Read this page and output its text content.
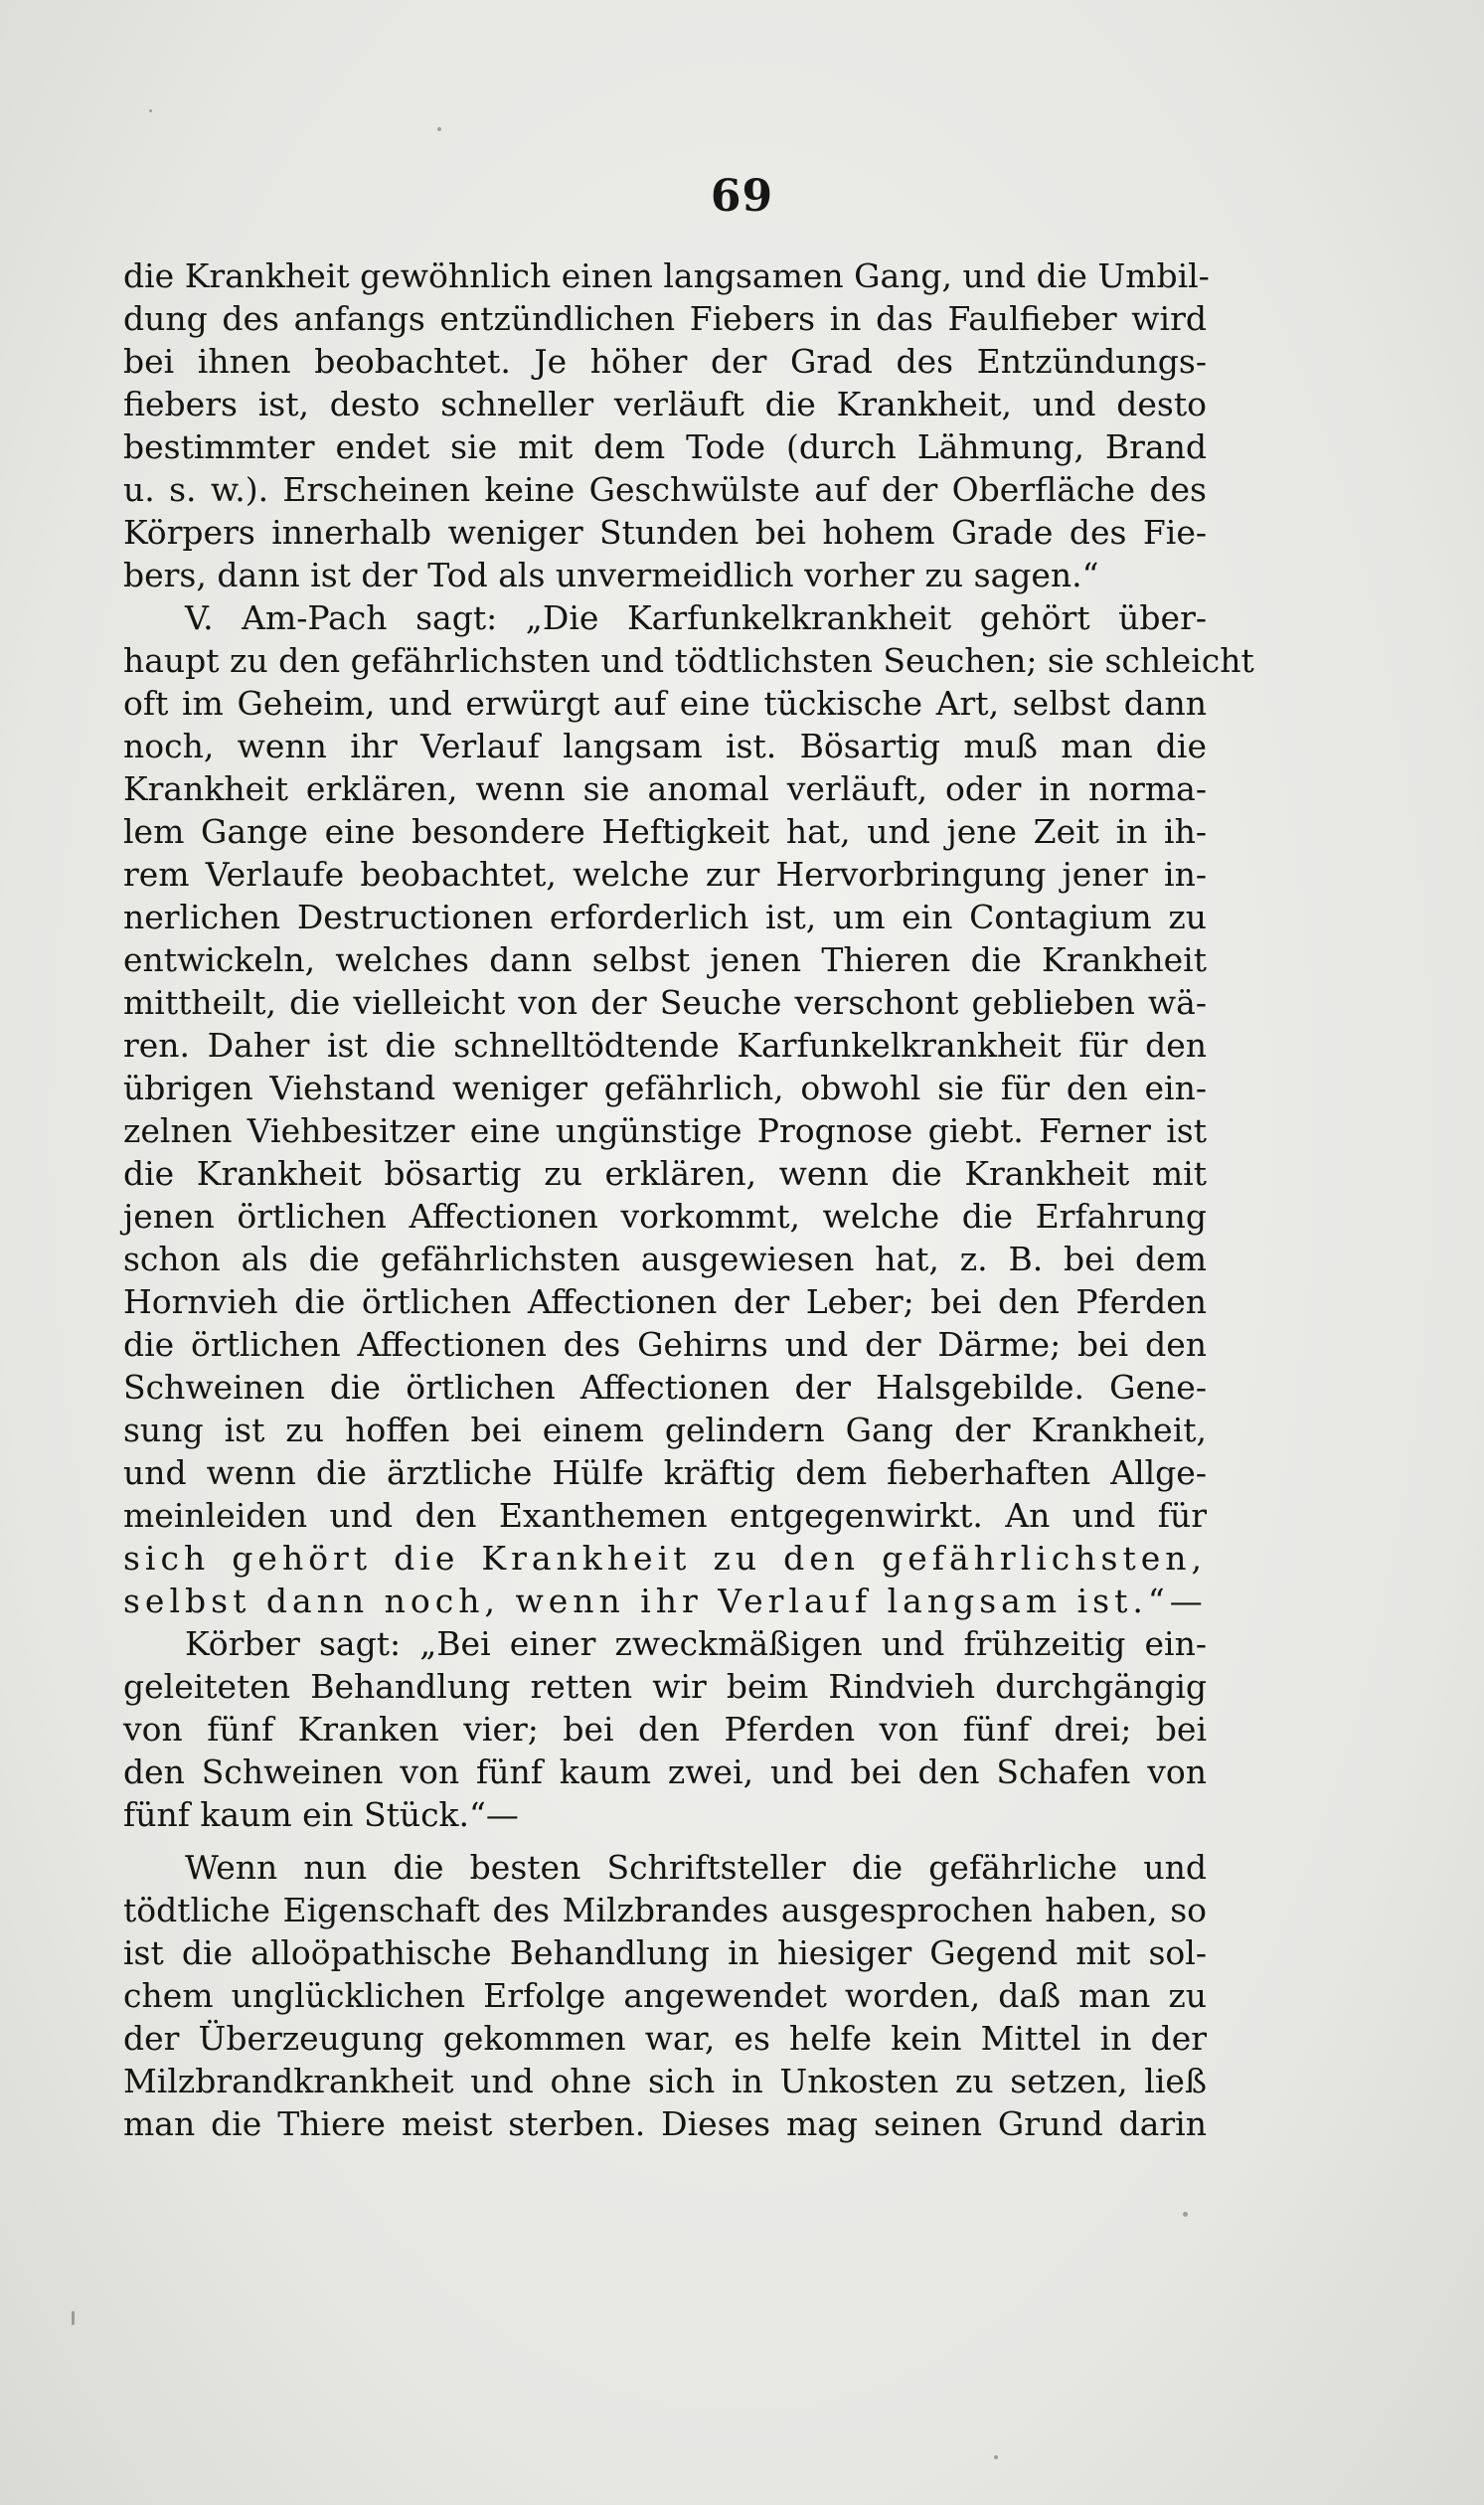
69
die Krankheit gewöhnlich einen langsamen Gang, und die Umbil-
dung des anfangs entzündlichen Fiebers in das Faulfieber wird
bei ihnen beobachtet. Je höher der Grad des Entzündungs-
fiebers ist, desto schneller verläuft die Krankheit, und desto
bestimmter endet sie mit dem Tode (durch Lähmung, Brand
u. s. w.). Erscheinen keine Geschwülste auf der Oberfläche des
Körpers innerhalb weniger Stunden bei hohem Grade des Fie-
bers, dann ist der Tod als unvermeidlich vorher zu sagen.“
V. Am-Pach sagt: „Die Karfunkelkrankheit gehört über-
haupt zu den gefährlichsten und tödtlichsten Seuchen; sie schleicht
oft im Geheim, und erwürgt auf eine tückische Art, selbst dann
noch, wenn ihr Verlauf langsam ist. Bösartig muß man die
Krankheit erklären, wenn sie anomal verläuft, oder in norma-
lem Gange eine besondere Heftigkeit hat, und jene Zeit in ih-
rem Verlaufe beobachtet, welche zur Hervorbringung jener in-
nerlichen Destructionen erforderlich ist, um ein Contagium zu
entwickeln, welches dann selbst jenen Thieren die Krankheit
mittheilt, die vielleicht von der Seuche verschont geblieben wä-
ren. Daher ist die schnelltödtende Karfunkelkrankheit für den
übrigen Viehstand weniger gefährlich, obwohl sie für den ein-
zelnen Viehbesitzer eine ungünstige Prognose giebt. Ferner ist
die Krankheit bösartig zu erklären, wenn die Krankheit mit
jenen örtlichen Affectionen vorkommt, welche die Erfahrung
schon als die gefährlichsten ausgewiesen hat, z. B. bei dem
Hornvieh die örtlichen Affectionen der Leber; bei den Pferden
die örtlichen Affectionen des Gehirns und der Därme; bei den
Schweinen die örtlichen Affectionen der Halsgebilde. Gene-
sung ist zu hoffen bei einem gelindern Gang der Krankheit,
und wenn die ärztliche Hülfe kräftig dem fieberhaften Allge-
meinleiden und den Exanthemen entgegenwirkt. An und für
sich gehört die Krankheit zu den gefährlichsten,
selbst dann noch, wenn ihr Verlauf langsam ist.“—
Körber sagt: „Bei einer zweckmäßigen und frühzeitig ein-
geleiteten Behandlung retten wir beim Rindvieh durchgängig
von fünf Kranken vier; bei den Pferden von fünf drei; bei
den Schweinen von fünf kaum zwei, und bei den Schafen von
fünf kaum ein Stück.“—
Wenn nun die besten Schriftsteller die gefährliche und
tödtliche Eigenschaft des Milzbrandes ausgesprochen haben, so
ist die alloöpathische Behandlung in hiesiger Gegend mit sol-
chem unglücklichen Erfolge angewendet worden, daß man zu
der Überzeugung gekommen war, es helfe kein Mittel in der
Milzbrandkrankheit und ohne sich in Unkosten zu setzen, ließ
man die Thiere meist sterben. Dieses mag seinen Grund darin
